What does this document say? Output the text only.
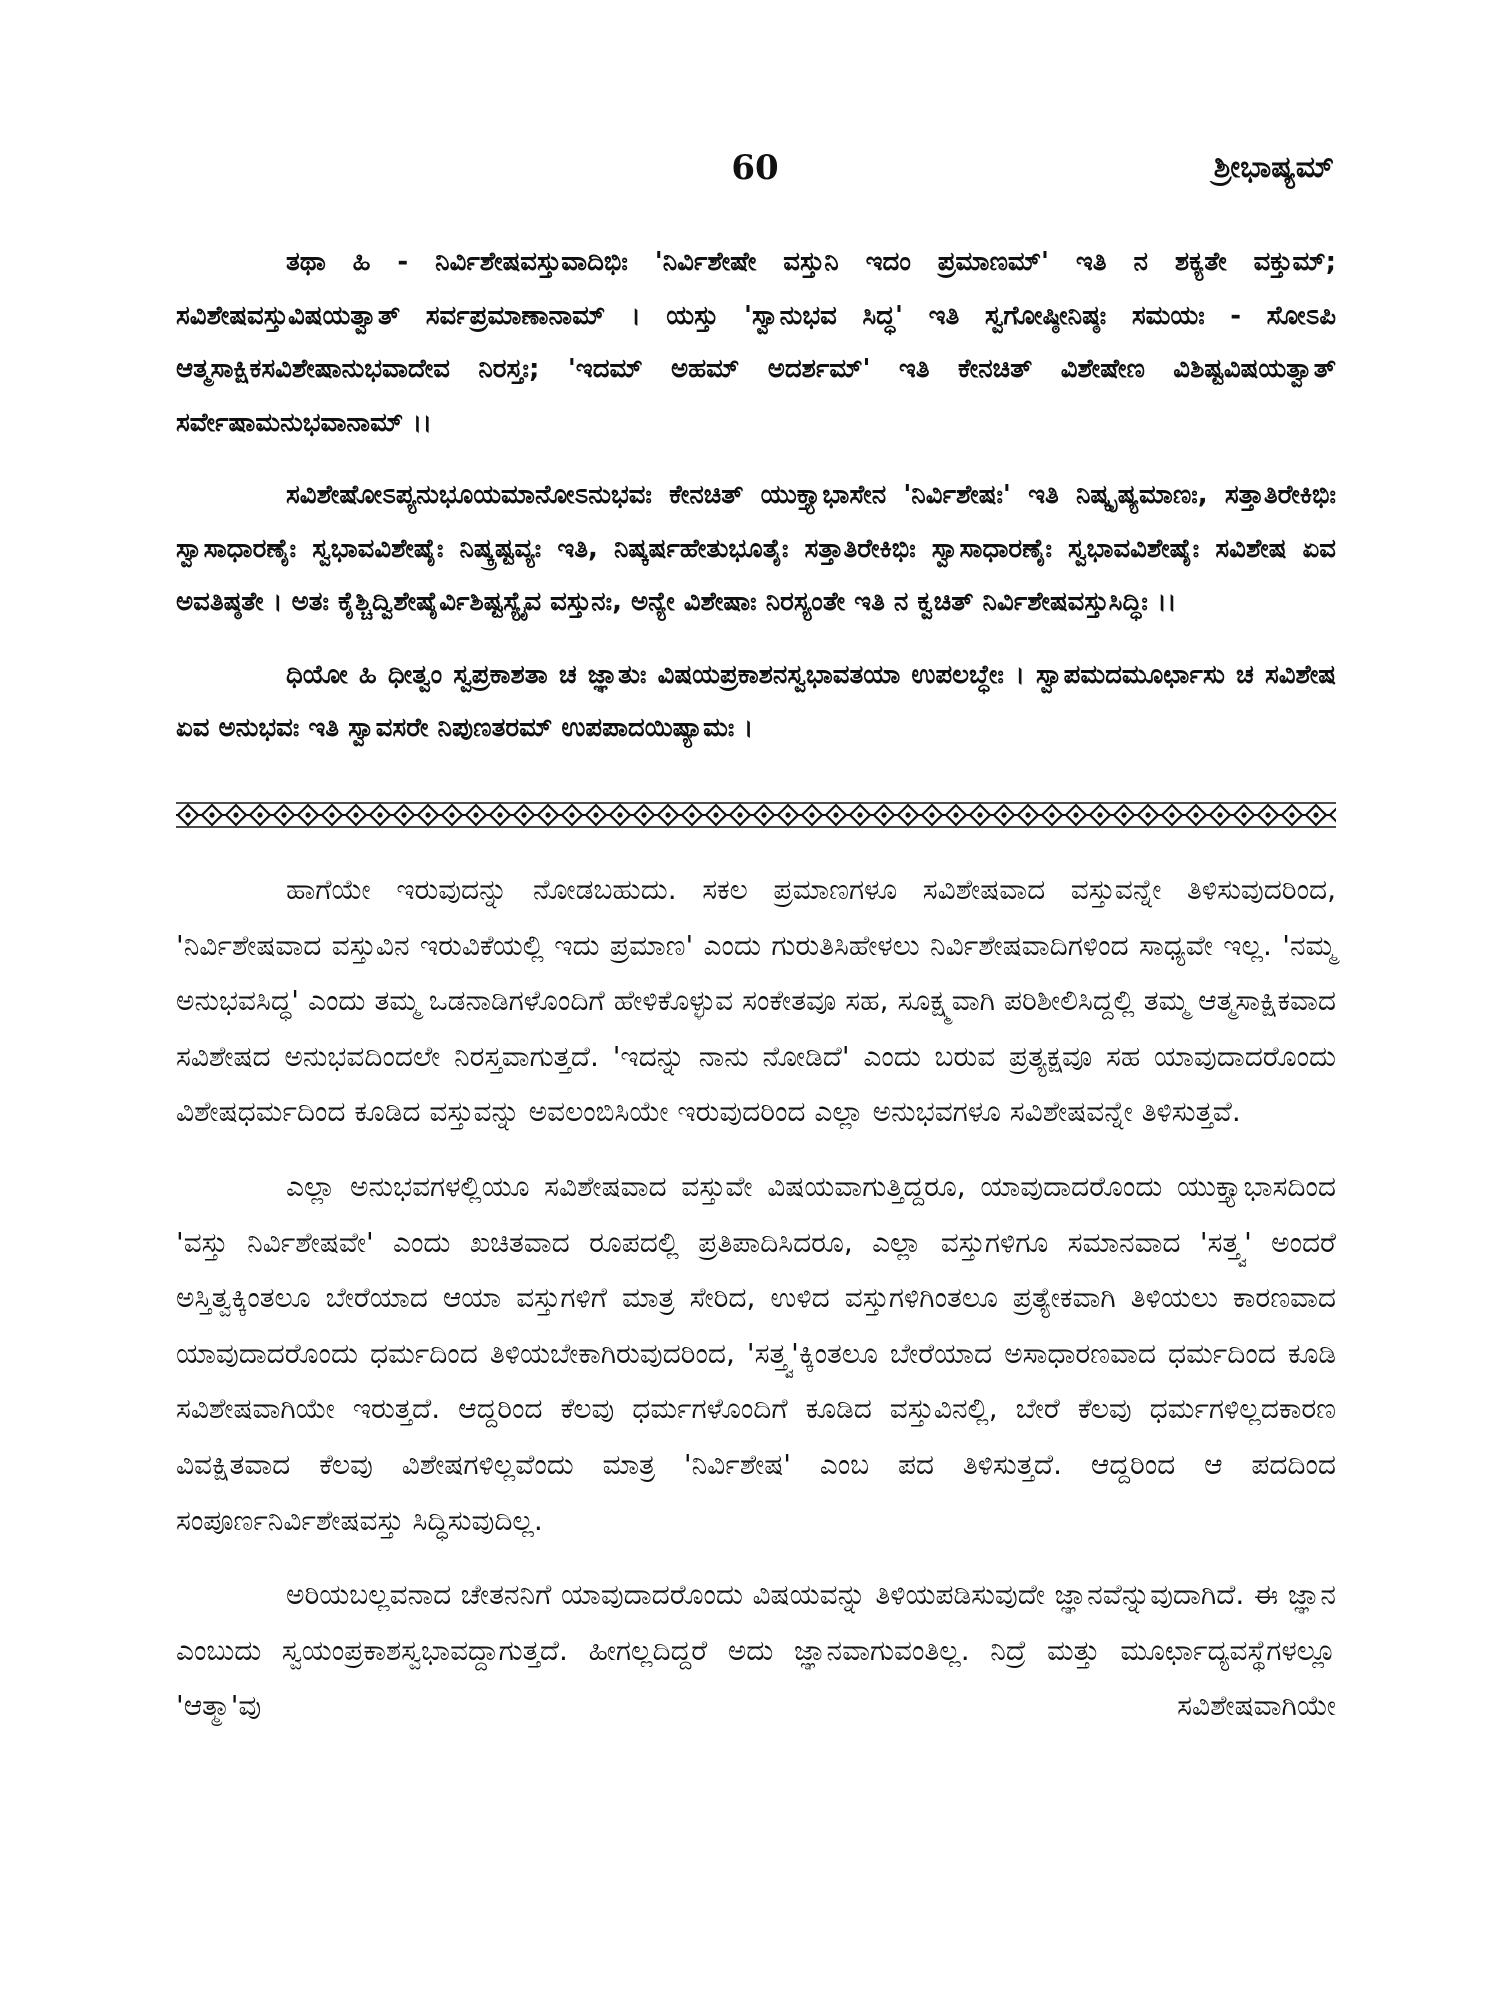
60	ಶ್ರೀಭಾಷ್ಯಮ್

ತಥಾ ಹಿ - ನಿರ್ವಿಶೇಷವಸ್ತುವಾದಿಭಿಃ 'ನಿರ್ವಿಶೇಷೇ ವಸ್ತುನಿ ಇದಂ ಪ್ರಮಾಣಮ್' ಇತಿ ನ ಶಕ್ಯತೇ ವಕ್ತುಮ್; ಸವಿಶೇಷವಸ್ತುವಿಷಯತ್ವಾತ್ ಸರ್ವಪ್ರಮಾಣಾನಾಮ್ । ಯಸ್ತು 'ಸ್ವಾನುಭವ ಸಿದ್ಧ' ಇತಿ ಸ್ವಗೋಷ್ಠೀನಿಷ್ಠಃ ಸಮಯಃ - ಸೋಽಪಿ ಆತ್ಮಸಾಕ್ಷಿಕಸವಿಶೇಷಾನುಭವಾದೇವ ನಿರಸ್ತಃ; 'ಇದಮ್ ಅಹಮ್ ಅದರ್ಶಮ್' ಇತಿ ಕೇನಚಿತ್ ವಿಶೇಷೇಣ ವಿಶಿಷ್ಟವಿಷಯತ್ವಾತ್ ಸರ್ವೇಷಾಮನುಭವಾನಾಮ್ ।।

ಸವಿಶೇಷೋಽಪ್ಯನುಭೂಯಮಾನೋಽನುಭವಃ ಕೇನಚಿತ್ ಯುಕ್ತ್ಯಾಭಾಸೇನ 'ನಿರ್ವಿಶೇಷಃ' ಇತಿ ನಿಷ್ಕೃಷ್ಯಮಾಣಃ, ಸತ್ತಾತಿರೇಕಿಭಿಃ ಸ್ವಾಸಾಧಾರಣೈಃ ಸ್ವಭಾವವಿಶೇಷೈಃ ನಿಷ್ಕ್ರಷ್ಟವ್ಯಃ ಇತಿ, ನಿಷ್ಕರ್ಷಹೇತುಭೂತೈಃ ಸತ್ತಾತಿರೇಕಿಭಿಃ ಸ್ವಾಸಾಧಾರಣೈಃ ಸ್ವಭಾವವಿಶೇಷೈಃ ಸವಿಶೇಷ ಏವ ಅವತಿಷ್ಠತೇ । ಅತಃ ಕೈಶ್ಚಿದ್ವಿಶೇಷೈರ್ವಿಶಿಷ್ಟಸ್ಯೈವ ವಸ್ತುನಃ, ಅನ್ಯೇ ವಿಶೇಷಾಃ ನಿರಸ್ಯಂತೇ ಇತಿ ನ ಕ್ವಚಿತ್ ನಿರ್ವಿಶೇಷವಸ್ತುಸಿದ್ಧಿಃ ।।

ಧಿಯೋ ಹಿ ಧೀತ್ವಂ ಸ್ವಪ್ರಕಾಶತಾ ಚ ಜ್ಞಾತುಃ ವಿಷಯಪ್ರಕಾಶನಸ್ವಭಾವತಯಾ ಉಪಲಬ್ಧೇಃ । ಸ್ವಾಪಮದಮೂರ್ಛಾಸು ಚ ಸವಿಶೇಷ ಏವ ಅನುಭವಃ ಇತಿ ಸ್ವಾವಸರೇ ನಿಪುಣತರಮ್ ಉಪಪಾದಯಿಷ್ಯಾಮಃ ।

ಹಾಗೆಯೇ ಇರುವುದನ್ನು ನೋಡಬಹುದು. ಸಕಲ ಪ್ರಮಾಣಗಳೂ ಸವಿಶೇಷವಾದ ವಸ್ತುವನ್ನೇ ತಿಳಿಸುವುದರಿಂದ, 'ನಿರ್ವಿಶೇಷವಾದ ವಸ್ತುವಿನ ಇರುವಿಕೆಯಲ್ಲಿ ಇದು ಪ್ರಮಾಣ' ಎಂದು ಗುರುತಿಸಿಹೇಳಲು ನಿರ್ವಿಶೇಷವಾದಿಗಳಿಂದ ಸಾಧ್ಯವೇ ಇಲ್ಲ. 'ನಮ್ಮ ಅನುಭವಸಿದ್ಧ' ಎಂದು ತಮ್ಮ ಒಡನಾಡಿಗಳೊಂದಿಗೆ ಹೇಳಿಕೊಳ್ಳುವ ಸಂಕೇತವೂ ಸಹ, ಸೂಕ್ಷ್ಮವಾಗಿ ಪರಿಶೀಲಿಸಿದ್ದಲ್ಲಿ ತಮ್ಮ ಆತ್ಮಸಾಕ್ಷಿಕವಾದ ಸವಿಶೇಷದ ಅನುಭವದಿಂದಲೇ ನಿರಸ್ತವಾಗುತ್ತದೆ. 'ಇದನ್ನು ನಾನು ನೋಡಿದೆ' ಎಂದು ಬರುವ ಪ್ರತ್ಯಕ್ಷವೂ ಸಹ ಯಾವುದಾದರೊಂದು ವಿಶೇಷಧರ್ಮದಿಂದ ಕೂಡಿದ ವಸ್ತುವನ್ನು ಅವಲಂಬಿಸಿಯೇ ಇರುವುದರಿಂದ ಎಲ್ಲಾ ಅನುಭವಗಳೂ ಸವಿಶೇಷವನ್ನೇ ತಿಳಿಸುತ್ತವೆ.

ಎಲ್ಲಾ ಅನುಭವಗಳಲ್ಲಿಯೂ ಸವಿಶೇಷವಾದ ವಸ್ತುವೇ ವಿಷಯವಾಗುತ್ತಿದ್ದರೂ, ಯಾವುದಾದರೊಂದು ಯುಕ್ತ್ಯಾಭಾಸದಿಂದ 'ವಸ್ತು ನಿರ್ವಿಶೇಷವೇ' ಎಂದು ಖಚಿತವಾದ ರೂಪದಲ್ಲಿ ಪ್ರತಿಪಾದಿಸಿದರೂ, ಎಲ್ಲಾ ವಸ್ತುಗಳಿಗೂ ಸಮಾನವಾದ 'ಸತ್ತ್ವ' ಅಂದರೆ ಅಸ್ತಿತ್ವಕ್ಕಿಂತಲೂ ಬೇರೆಯಾದ ಆಯಾ ವಸ್ತುಗಳಿಗೆ ಮಾತ್ರ ಸೇರಿದ, ಉಳಿದ ವಸ್ತುಗಳಿಗಿಂತಲೂ ಪ್ರತ್ಯೇಕವಾಗಿ ತಿಳಿಯಲು ಕಾರಣವಾದ ಯಾವುದಾದರೊಂದು ಧರ್ಮದಿಂದ ತಿಳಿಯಬೇಕಾಗಿರುವುದರಿಂದ, 'ಸತ್ತ್ವ'ಕ್ಕಿಂತಲೂ ಬೇರೆಯಾದ ಅಸಾಧಾರಣವಾದ ಧರ್ಮದಿಂದ ಕೂಡಿ ಸವಿಶೇಷವಾಗಿಯೇ ಇರುತ್ತದೆ. ಆದ್ದರಿಂದ ಕೆಲವು ಧರ್ಮಗಳೊಂದಿಗೆ ಕೂಡಿದ ವಸ್ತುವಿನಲ್ಲಿ, ಬೇರೆ ಕೆಲವು ಧರ್ಮಗಳಿಲ್ಲದಕಾರಣ ವಿವಕ್ಷಿತವಾದ ಕೆಲವು ವಿಶೇಷಗಳಿಲ್ಲವೆಂದು ಮಾತ್ರ 'ನಿರ್ವಿಶೇಷ' ಎಂಬ ಪದ ತಿಳಿಸುತ್ತದೆ. ಆದ್ದರಿಂದ ಆ ಪದದಿಂದ ಸಂಪೂರ್ಣನಿರ್ವಿಶೇಷವಸ್ತು ಸಿದ್ಧಿಸುವುದಿಲ್ಲ.

ಅರಿಯಬಲ್ಲವನಾದ ಚೇತನನಿಗೆ ಯಾವುದಾದರೊಂದು ವಿಷಯವನ್ನು ತಿಳಿಯಪಡಿಸುವುದೇ ಜ್ಞಾನವೆನ್ನುವುದಾಗಿದೆ. ಈ ಜ್ಞಾನ ಎಂಬುದು ಸ್ವಯಂಪ್ರಕಾಶಸ್ವಭಾವದ್ದಾಗುತ್ತದೆ. ಹೀಗಲ್ಲದಿದ್ದರೆ ಅದು ಜ್ಞಾನವಾಗುವಂತಿಲ್ಲ. ನಿದ್ರೆ ಮತ್ತು ಮೂರ್ಛಾದ್ಯವಸ್ಥೆಗಳಲ್ಲೂ 'ಆತ್ಮಾ'ವು ಸವಿಶೇಷವಾಗಿಯೇ
